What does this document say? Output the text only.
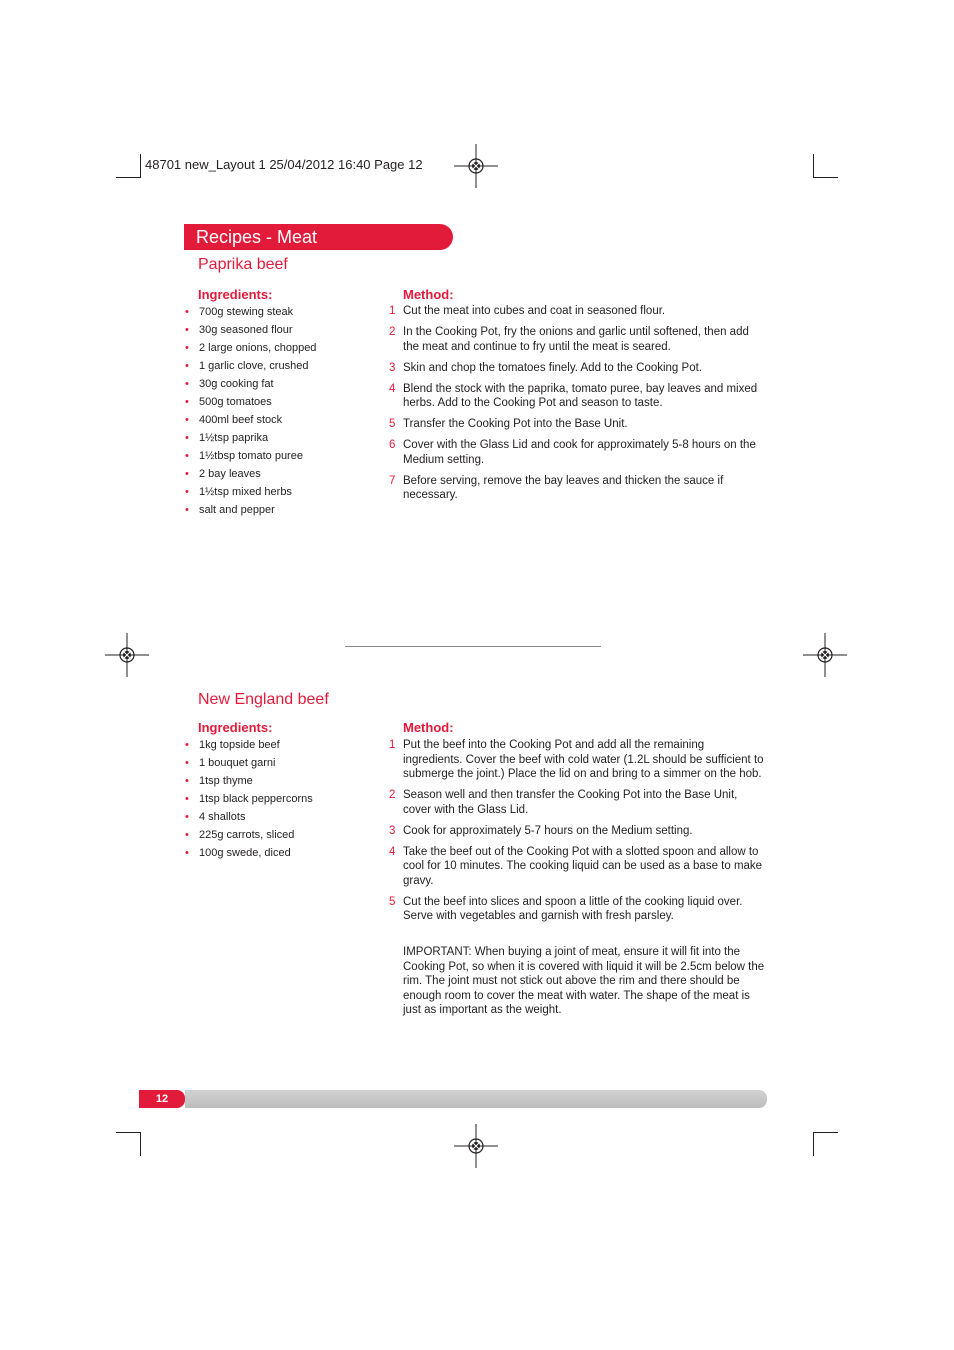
48701 new_Layout 1 25/04/2012 16:40 Page 12
Recipes - Meat
Paprika beef
Ingredients:	Method:
• 700g stewing steak
• 30g seasoned flour
• 2 large onions, chopped
• 1 garlic clove, crushed
• 30g cooking fat
• 500g tomatoes
• 400ml beef stock
• 1½tsp paprika
• 1½tbsp tomato puree
• 2 bay leaves
• 1½tsp mixed herbs
• salt and pepper
1 Cut the meat into cubes and coat in seasoned flour.
2 In the Cooking Pot, fry the onions and garlic until softened, then add the meat and continue to fry until the meat is seared.
3 Skin and chop the tomatoes finely. Add to the Cooking Pot.
4 Blend the stock with the paprika, tomato puree, bay leaves and mixed herbs. Add to the Cooking Pot and season to taste.
5 Transfer the Cooking Pot into the Base Unit.
6 Cover with the Glass Lid and cook for approximately 5-8 hours on the Medium setting.
7 Before serving, remove the bay leaves and thicken the sauce if necessary.
New England beef
Ingredients:	Method:
• 1kg topside beef
• 1 bouquet garni
• 1tsp thyme
• 1tsp black peppercorns
• 4 shallots
• 225g carrots, sliced
• 100g swede, diced
1 Put the beef into the Cooking Pot and add all the remaining ingredients. Cover the beef with cold water (1.2L should be sufficient to submerge the joint.) Place the lid on and bring to a simmer on the hob.
2 Season well and then transfer the Cooking Pot into the Base Unit, cover with the Glass Lid.
3 Cook for approximately 5-7 hours on the Medium setting.
4 Take the beef out of the Cooking Pot with a slotted spoon and allow to cool for 10 minutes. The cooking liquid can be used as a base to make gravy.
5 Cut the beef into slices and spoon a little of the cooking liquid over. Serve with vegetables and garnish with fresh parsley.
IMPORTANT: When buying a joint of meat, ensure it will fit into the Cooking Pot, so when it is covered with liquid it will be 2.5cm below the rim. The joint must not stick out above the rim and there should be enough room to cover the meat with water. The shape of the meat is just as important as the weight.
12
